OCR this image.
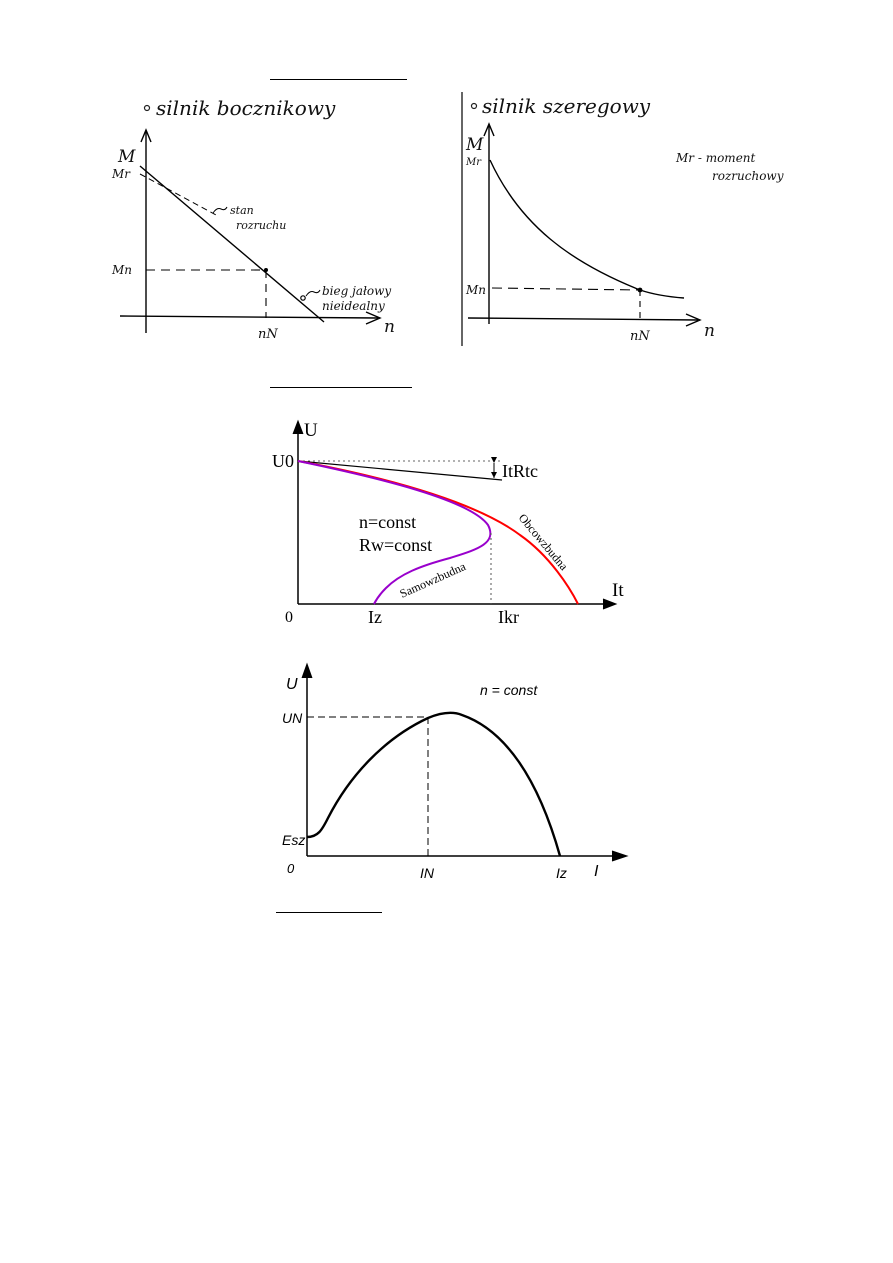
silnik bocznikowy
M
n
Mr
Mn
nN
stan
rozruchu
bieg jałowy
nieidealny
silnik szeregowy
M
n
Mr
Mn
nN
Mr - moment
rozruchowy
U
It
0
U0	ItRtc
n=const
Rw=const
Iz	Ikr
Obcowzbudna
Samowzbudna
U
I
0
UN
Esz
IN	Iz
n = const
